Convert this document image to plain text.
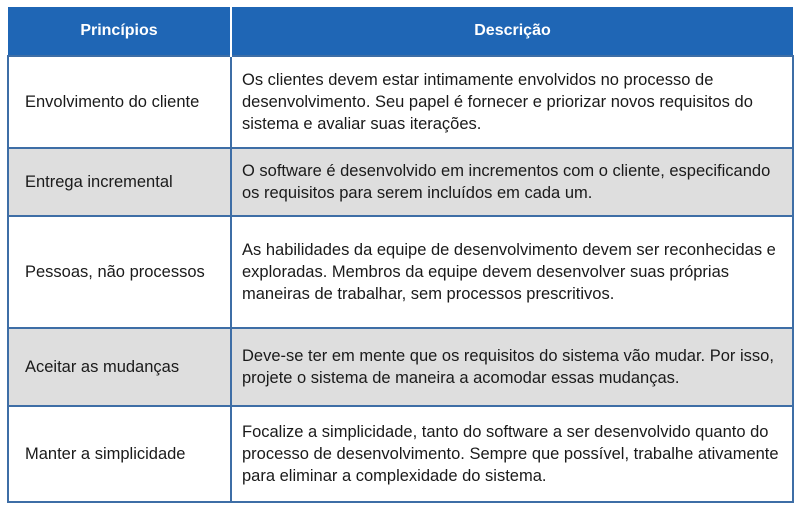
Princípios	Descrição
Envolvimento do cliente	Os clientes devem estar intimamente envolvidos no processo de desenvolvimento. Seu papel é fornecer e priorizar novos requisitos do sistema e avaliar suas iterações.
Entrega incremental	O software é desenvolvido em incrementos com o cliente, especificando os requisitos para serem incluídos em cada um.
Pessoas, não processos	As habilidades da equipe de desenvolvimento devem ser reconhecidas e exploradas. Membros da equipe devem desenvolver suas próprias maneiras de trabalhar, sem processos prescritivos.
Aceitar as mudanças	Deve-se ter em mente que os requisitos do sistema vão mudar. Por isso, projete o sistema de maneira a acomodar essas mudanças.
Manter a simplicidade	Focalize a simplicidade, tanto do software a ser desenvolvido quanto do processo de desenvolvimento. Sempre que possível, trabalhe ativamente para eliminar a complexidade do sistema.
